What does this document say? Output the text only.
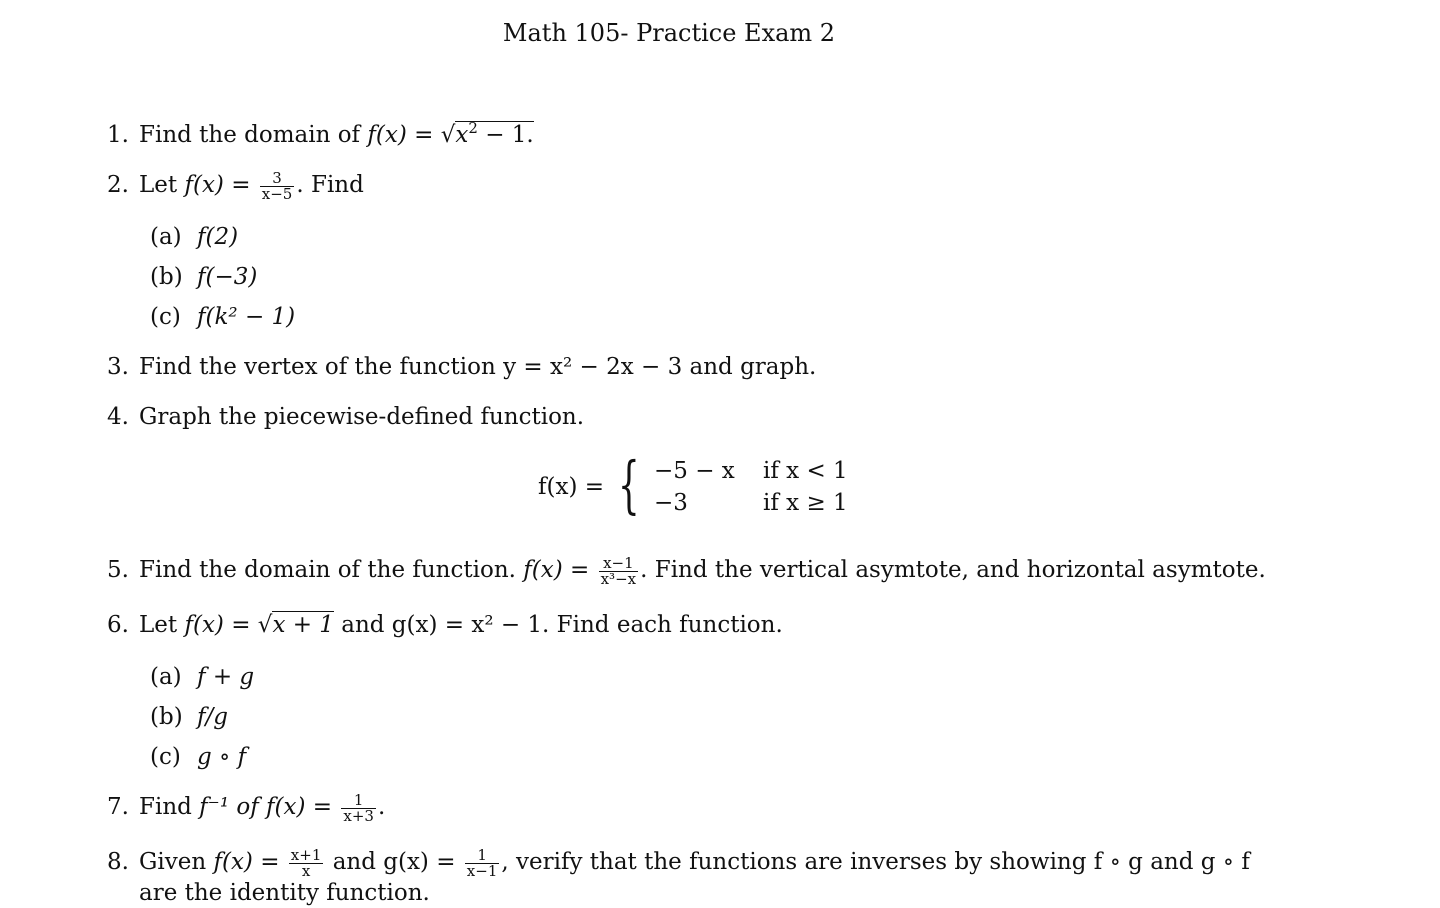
Math 105- Practice Exam 2
1. Find the domain of $f(x) = √x^2 - 1$.
2. Let $f(x) = \frac{3}{x-5}$ . Find
(a) f(2)
(b) f(−3)
(c) f(k² − 1)
3. Find the vertex of the function y = x² − 2x − 3 and graph.
4. Graph the piecewise-defined function.
f(x) = { −5 − x if x < 1
−3	if x ≥ 1
5. Find the domain of the function. $f(x) = \frac{x-1}{\text{x³−x}}$ . Find the vertical asymtote, and horizontal asymtote.
6. Let f(x) = √x + 1 and g(x) = x² − 1. Find each function.
(a) f + g
(b) f/g
(c) g ∘ f
7. Find f⁻¹ of $f(x) = \frac{1}{x+3}$ .
8. Given $f(x) = \frac{x+1}{x}$ and $g(x) = \frac{1}{x-1}$ , verify that the functions are inverses by showing f ∘ g and g ∘ f
are the identity function.
